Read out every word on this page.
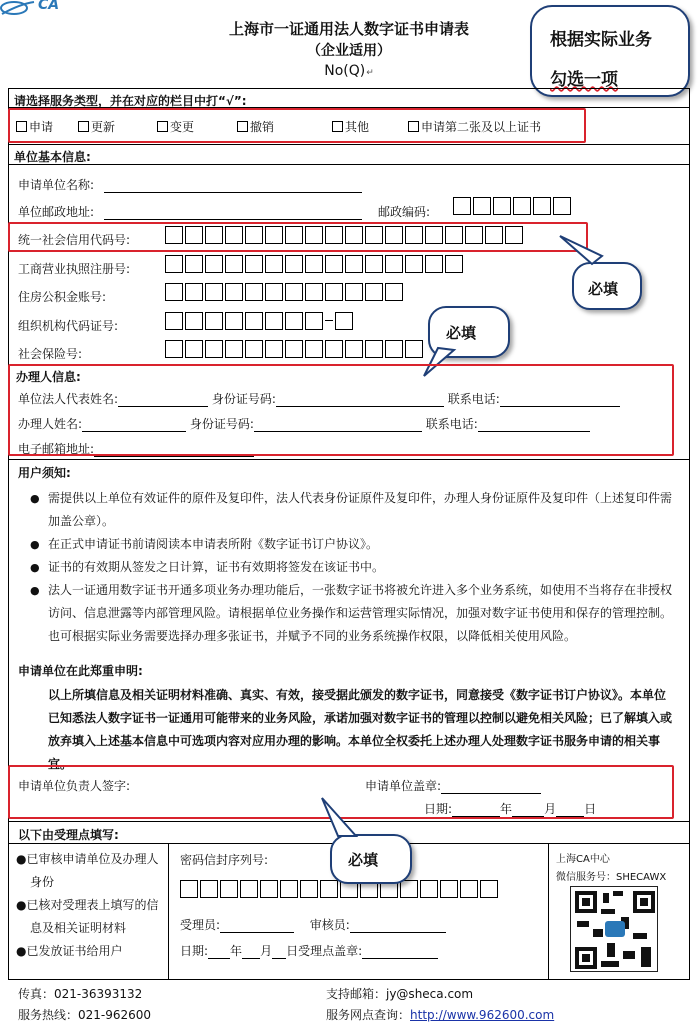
CA
上海市一证通用法人数字证书申请表
（企业适用）
No(Q) ↵
根据实际业务
勾选一项
请选择服务类型，并在对应的栏目中打“√”:
申请	更新	变更	撤销	其他	申请第二张及以上证书
单位基本信息:
申请单位名称:
单位邮政地址:	邮政编码:
统一社会信用代码号:
工商营业执照注册号:
住房公积金账号:
组织机构代码证号:
社会保险号:
必填
必填
办理人信息:
单位法人代表姓名:	身份证号码:	联系电话:
办理人姓名:	身份证号码:	联系电话:
电子邮箱地址:
用户须知:
● 需提供以上单位有效证件的原件及复印件，法人代表身份证原件及复印件，办理人身份证原件及复印件（上述复印件需加盖公章）。
● 在正式申请证书前请阅读本申请表所附《数字证书订户协议》。
● 证书的有效期从签发之日计算，证书有效期将签发在该证书中。
● 法人一证通用数字证书开通多项业务办理功能后，一张数字证书将被允许进入多个业务系统，如使用不当将存在非授权访问、信息泄露等内部管理风险。请根据单位业务操作和运营管理实际情况，加强对数字证书使用和保存的管理控制。也可根据实际业务需要选择办理多张证书，并赋予不同的业务系统操作权限，以降低相关使用风险。
申请单位在此郑重申明:
以上所填信息及相关证明材料准确、真实、有效，接受据此颁发的数字证书，同意接受《数字证书订户协议》。本单位已知悉法人数字证书一证通用可能带来的业务风险，承诺加强对数字证书的管理以控制以避免相关风险；已了解填入或放弃填入上述基本信息中可选项内容对应用办理的影响。本单位全权委托上述办理人处理数字证书服务申请的相关事宜。
申请单位负责人签字:	申请单位盖章:
日期:	年	月 日
以下由受理点填写:
●已审核申请单位及办理人身份
●已核对受理表上填写的信息及相关证明材料
●已发放证书给用户
密码信封序列号:
受理员:	审核员:
日期: 年 月 日受理点盖章:
上海CA中心
微信服务号：SHECAWX
必填
传真：021-36393132
服务热线：021-962600
支持邮箱：jy@sheca.com
服务网点查询：http://www.962600.com
